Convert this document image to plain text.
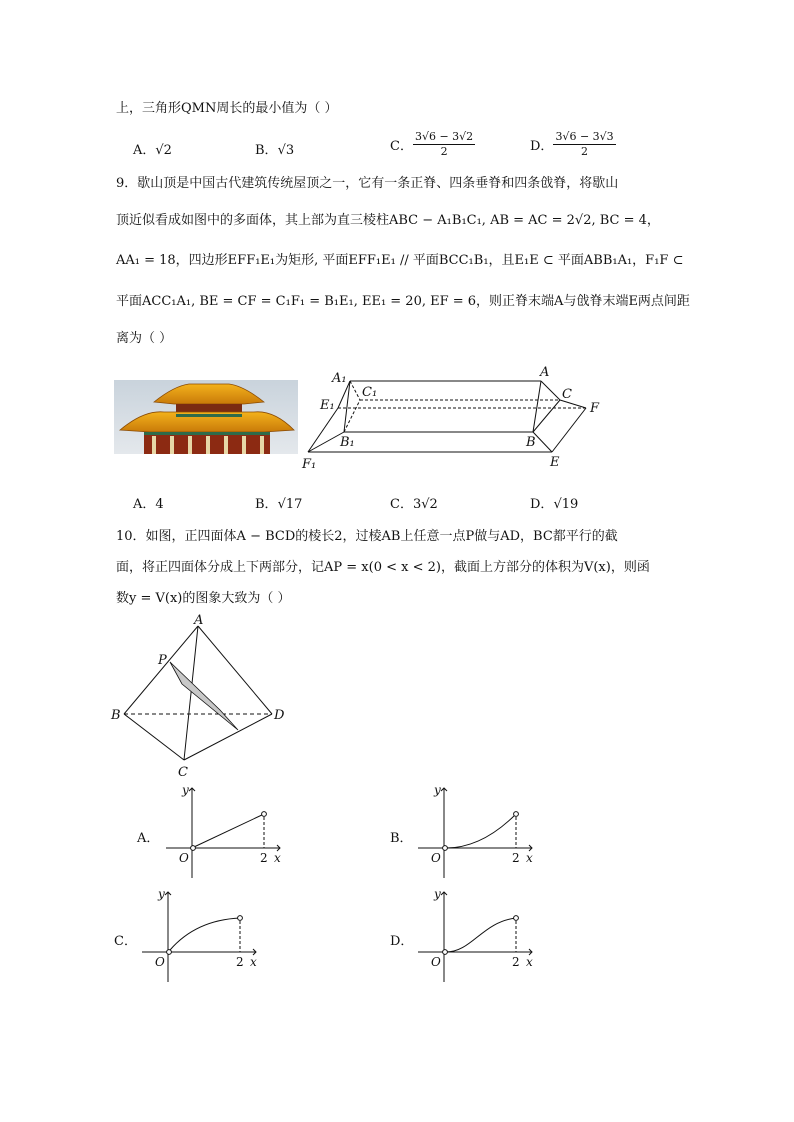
上，三角形QMN周长的最小值为（ ）
A．√2	B．√3	C． $\frac{3√6 - 3√2}{2}$	D． $\frac{3√6 - 3√3}{2}$
9．歇山顶是中国古代建筑传统屋顶之一，它有一条正脊、四条垂脊和四条戗脊，将歇山
顶近似看成如图中的多面体，其上部为直三棱柱ABC − A₁B₁C₁, AB = AC = 2√2, BC = 4，
AA₁ = 18，四边形EFF₁E₁为矩形, 平面EFF₁E₁ // 平面BCC₁B₁，且E₁E ⊂ 平面ABB₁A₁，F₁F ⊂
平面ACC₁A₁, BE = CF = C₁F₁ = B₁E₁, EE₁ = 20, EF = 6，则正脊末端A与戗脊末端E两点间距
离为（ ）
A₁
C₁
E₁
B₁
F₁
A
C
F
B
E
A．4	B．√17	C．3√2	D．√19
10．如图，正四面体A − BCD的棱长2，过棱AB上任意一点P做与AD，BC都平行的截
面，将正四面体分成上下两部分，记AP = x(0 < x < 2)，截面上方部分的体积为V(x)，则函
数y = V(x)的图象大致为（ ）
A
P
B	D
C
A．
y
O	2 x
B．
y
O	2 x
C．
y
O	2 x
D．
y
O	2 x
